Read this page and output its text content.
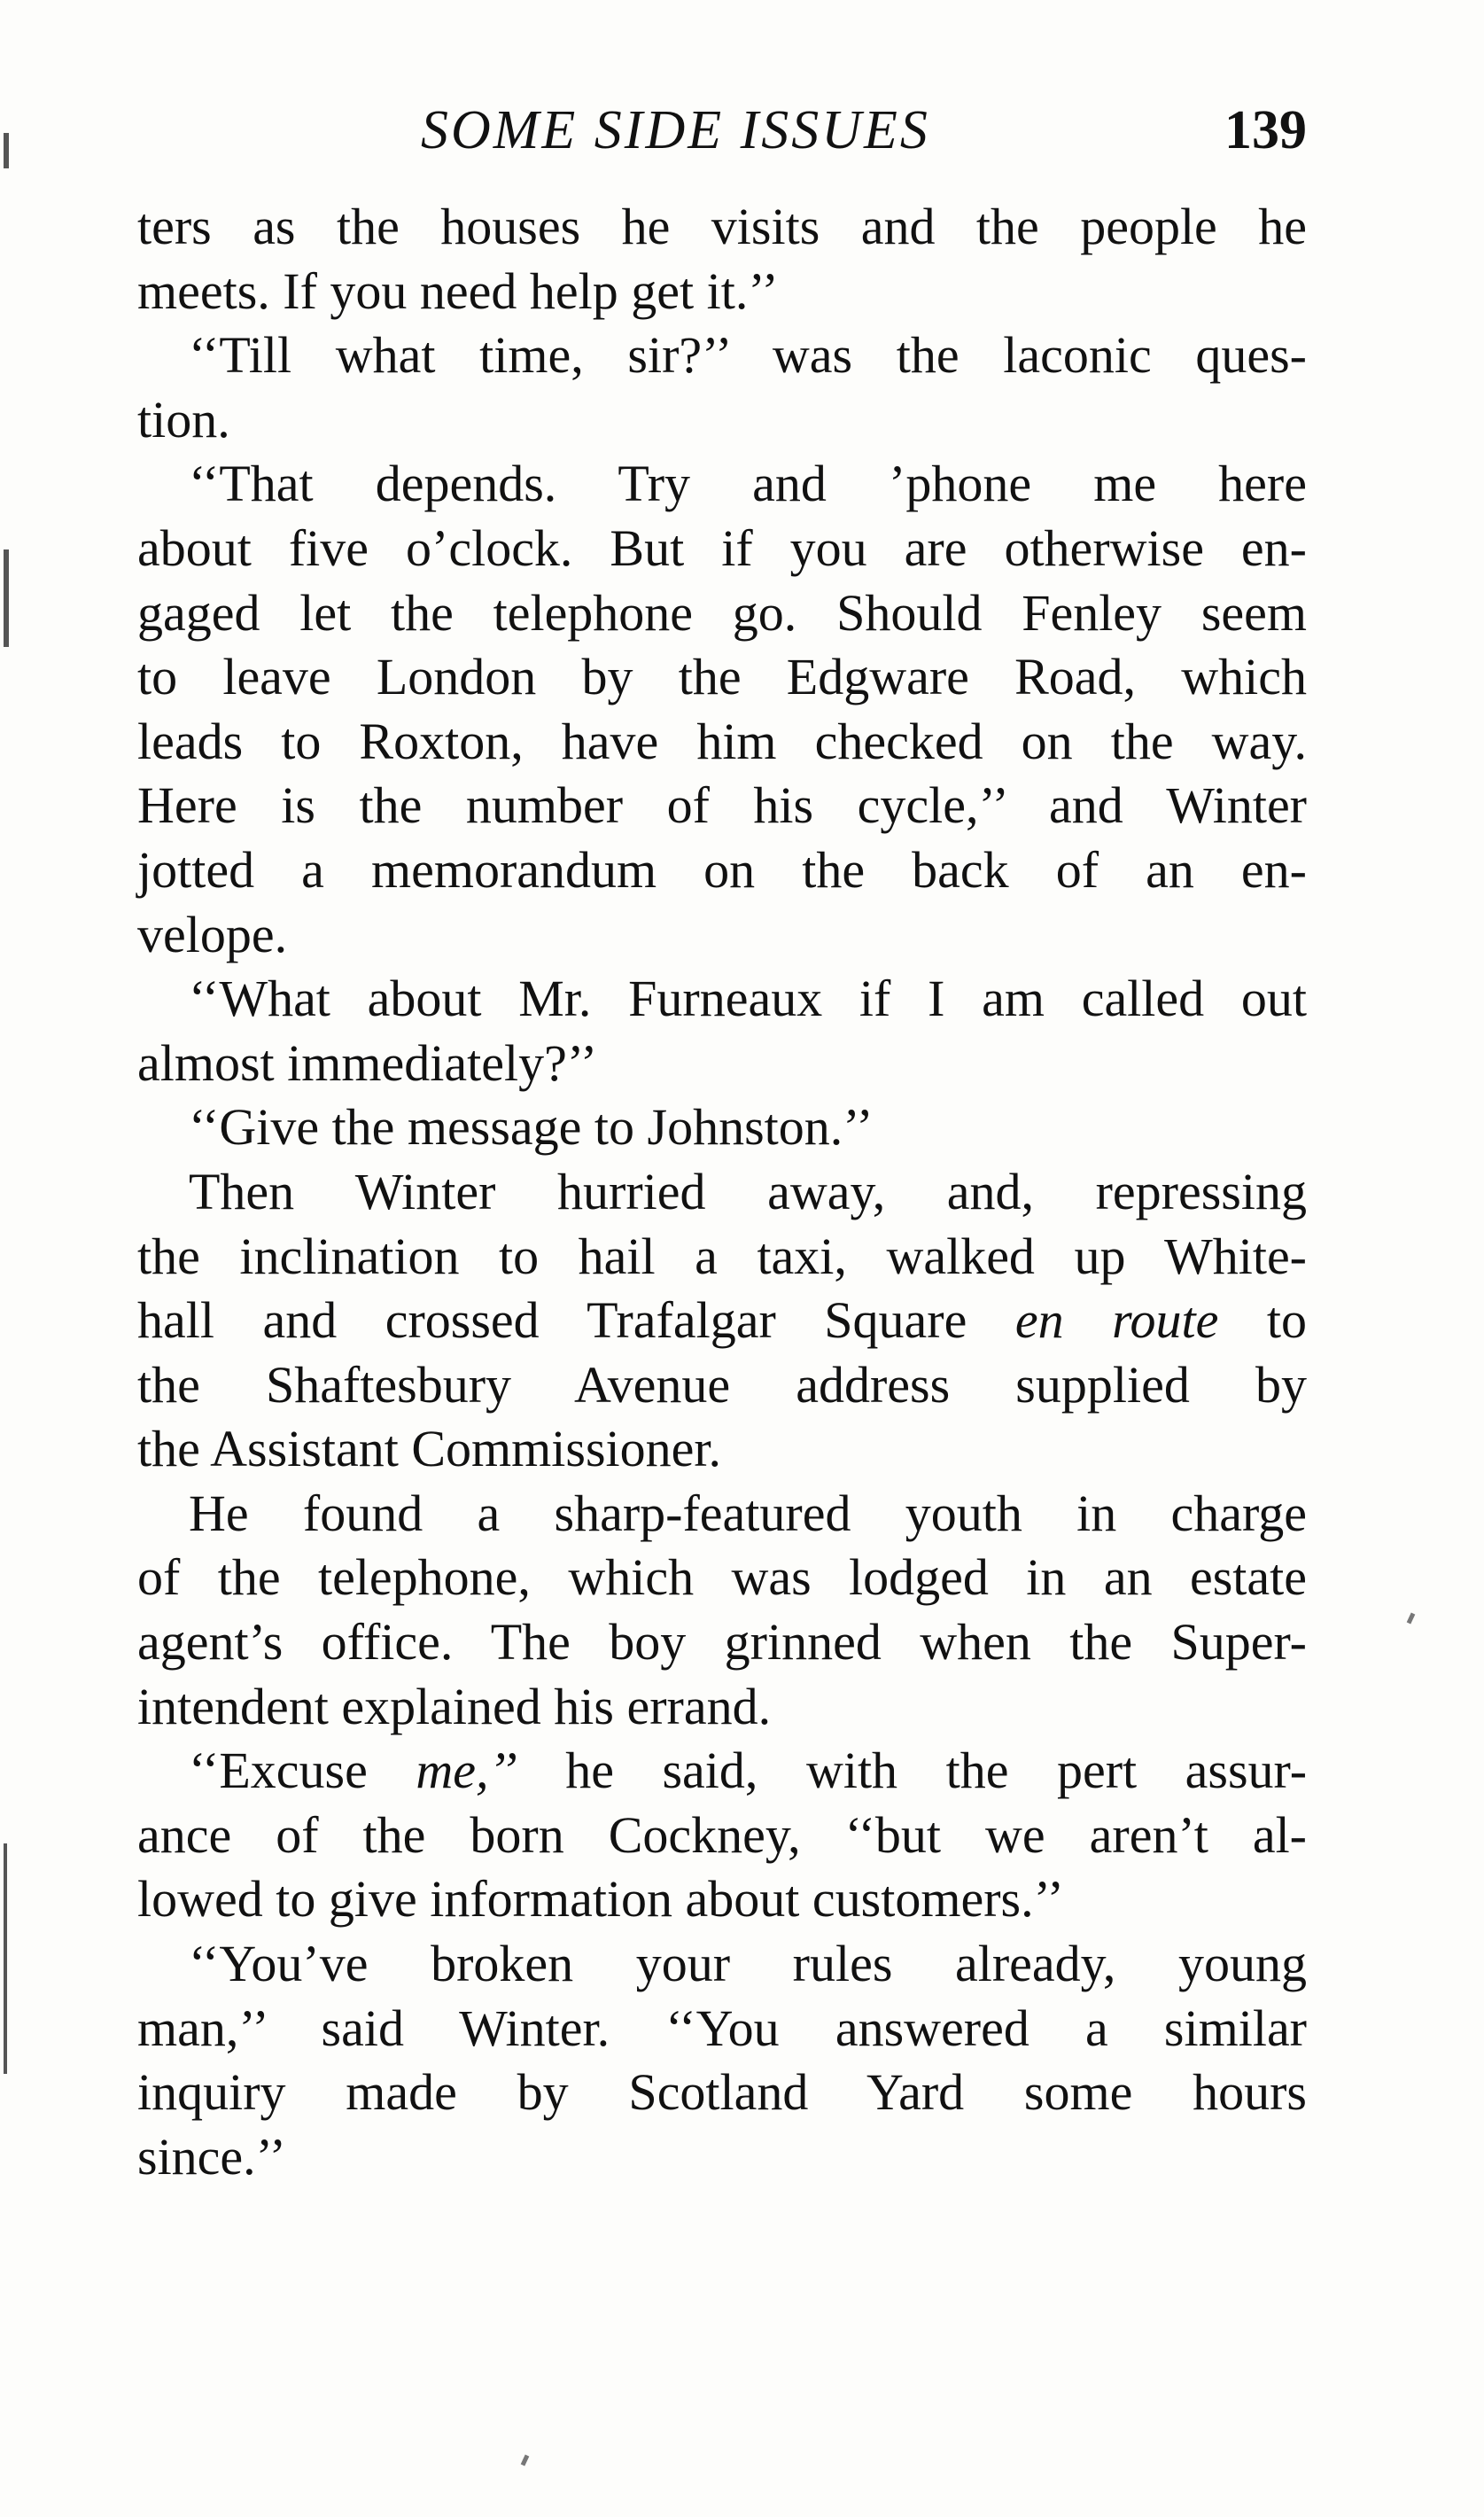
SOME SIDE ISSUES	139
ters as the houses he visits and the people he
meets. If you need help get it.’’
‘‘Till what time, sir?’’ was the laconic ques-
tion.
‘‘That depends. Try and ’phone me here
about five o’clock. But if you are otherwise en-
gaged let the telephone go. Should Fenley seem
to leave London by the Edgware Road, which
leads to Roxton, have him checked on the way.
Here is the number of his cycle,’’ and Winter
jotted a memorandum on the back of an en-
velope.
‘‘What about Mr. Furneaux if I am called out
almost immediately?’’
‘‘Give the message to Johnston.’’
Then Winter hurried away, and, repressing
the inclination to hail a taxi, walked up White-
hall and crossed Trafalgar Square en route to
the Shaftesbury Avenue address supplied by
the Assistant Commissioner.
He found a sharp-featured youth in charge
of the telephone, which was lodged in an estate
agent’s office. The boy grinned when the Super-
intendent explained his errand.
‘‘Excuse me,’’ he said, with the pert assur-
ance of the born Cockney, ‘‘but we aren’t al-
lowed to give information about customers.’’
‘‘You’ve broken your rules already, young
man,’’ said Winter. ‘‘You answered a similar
inquiry made by Scotland Yard some hours
since.’’
